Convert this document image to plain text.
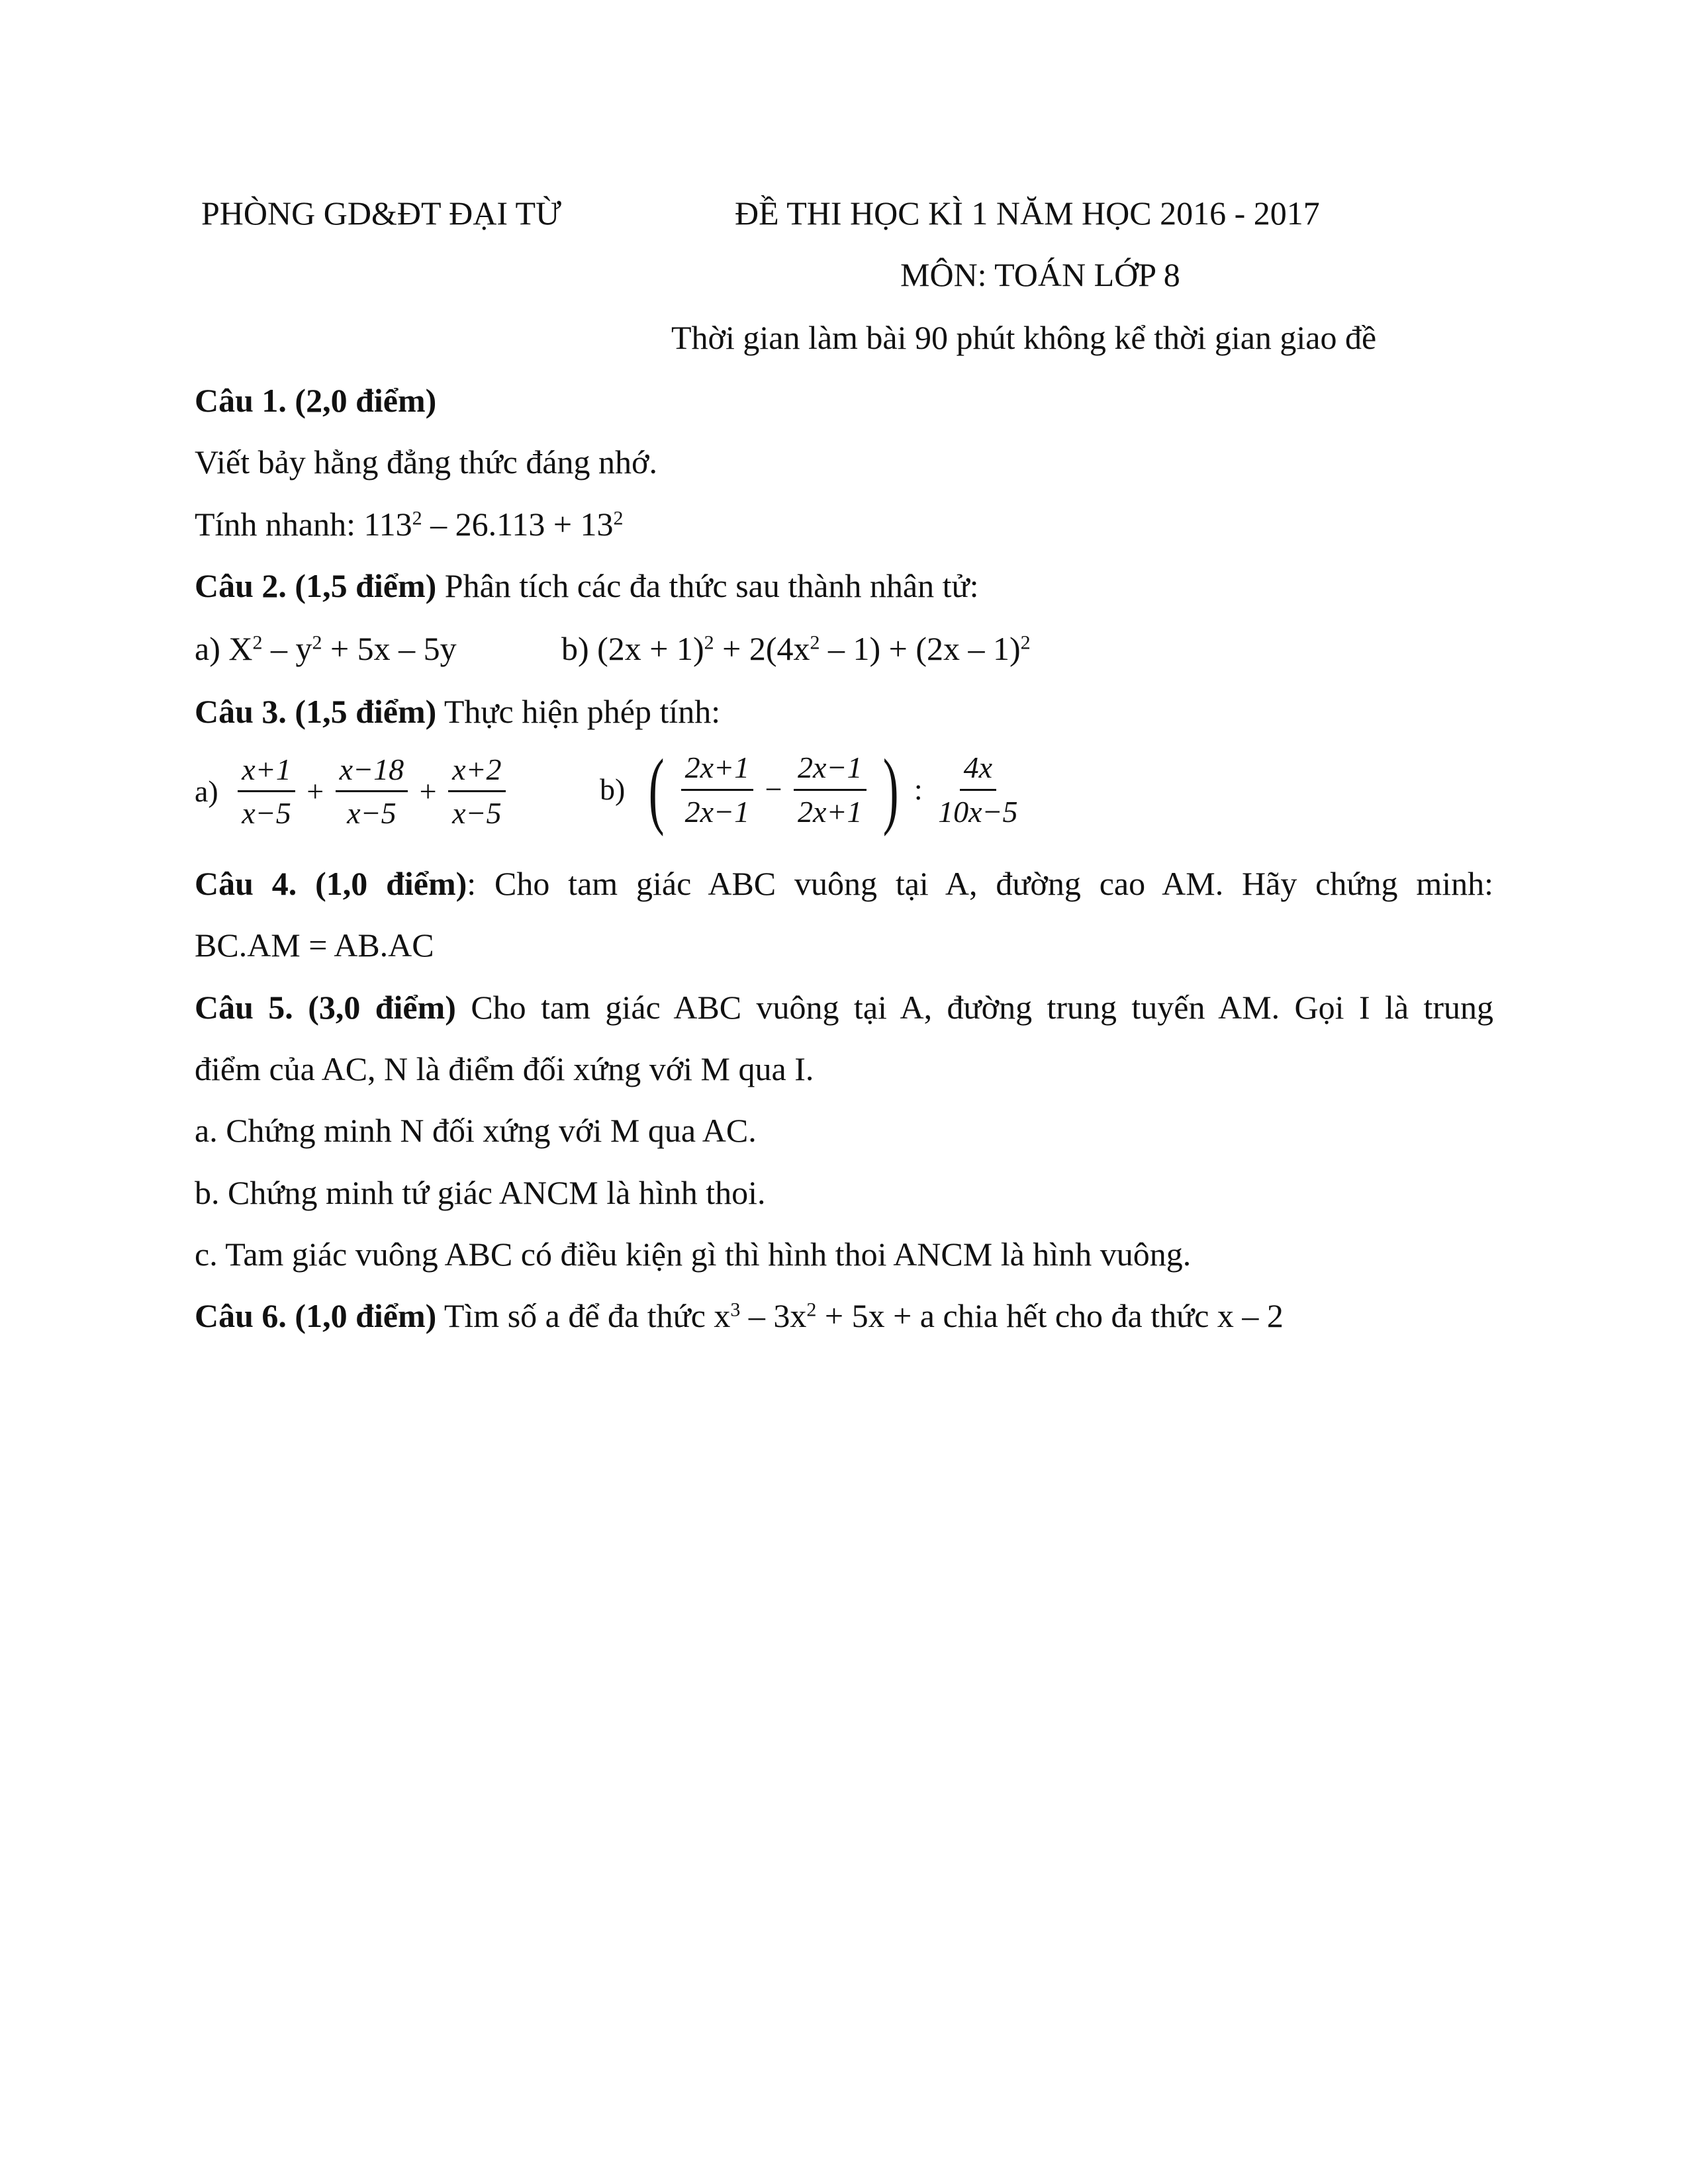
PHÒNG GD&ĐT ĐẠI TỪ	ĐỀ THI HỌC KÌ 1 NĂM HỌC 2016 - 2017
MÔN: TOÁN LỚP 8
Thời gian làm bài 90 phút không kể thời gian giao đề
Câu 1. (2,0 điểm)
Viết bảy hằng đẳng thức đáng nhớ.
Tính nhanh: $113^2 - 26.113 + 13^2$
Câu 2. (1,5 điểm) Phân tích các đa thức sau thành nhân tử:
a) $X^2 - y^2 + 5x - 5y$	b) $(2x + 1)^2 + 2(4x^2 - 1) + (2x - 1)^2$
Câu 3. (1,5 điểm) Thực hiện phép tính:
$a) \frac{x+1}{x-5} + \frac{x-18}{x-5} + \frac{x+2}{x-5}$	b) ( $\frac{2x+1}{2x-1} - \frac{2x-1}{2x+1}$ ) : $\frac{4x}{10x-5}$
Câu 4. (1,0 điểm): Cho tam giác ABC vuông tại A, đường cao AM. Hãy chứng minh:
BC.AM = AB.AC
Câu 5. (3,0 điểm) Cho tam giác ABC vuông tại A, đường trung tuyến AM. Gọi I là trung
điểm của AC, N là điểm đối xứng với M qua I.
a. Chứng minh N đối xứng với M qua AC.
b. Chứng minh tứ giác ANCM là hình thoi.
c. Tam giác vuông ABC có điều kiện gì thì hình thoi ANCM là hình vuông.
Câu 6. (1,0 điểm) Tìm số a để đa thức $x^3 - 3x^2 + 5x + a$ chia hết cho đa thức x – 2
